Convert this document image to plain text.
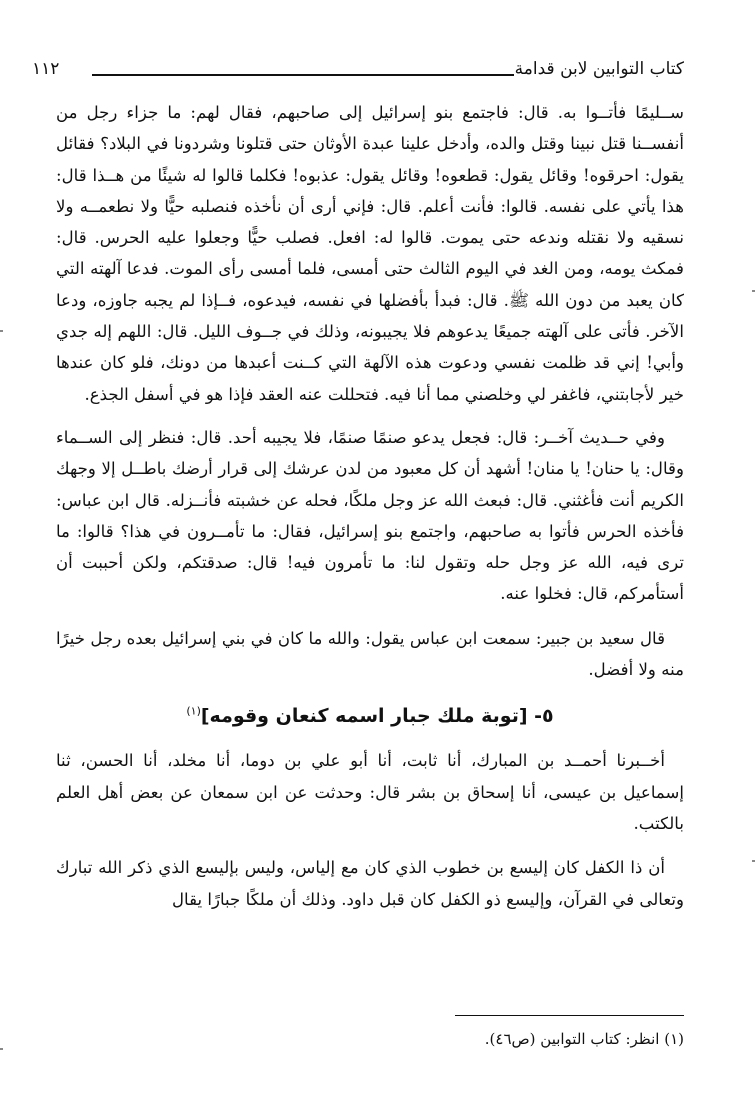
كتاب التوابين لابن قدامة
١١٢

ســليمًا فأتــوا به. قال: فاجتمع بنو إسرائيل إلى صاحبهم، فقال لهم: ما جزاء رجل من أنفســنا قتل نبينا وقتل والده، وأدخل علينا عبدة الأوثان حتى قتلونا وشردونا في البلاد؟ فقائل يقول: احرقوه! وقائل يقول: قطعوه! وقائل يقول: عذبوه! فكلما قالوا له شيئًا من هــذا قال: هذا يأتي على نفسه. قالوا: فأنت أعلم. قال: فإني أرى أن نأخذه فنصلبه حيًّا ولا نطعمــه ولا نسقيه ولا نقتله وندعه حتى يموت. قالوا له: افعل. فصلب حيًّا وجعلوا عليه الحرس. قال: فمكث يومه، ومن الغد في اليوم الثالث حتى أمسى، فلما أمسى رأى الموت. فدعا آلهته التي كان يعبد من دون الله ﷺ. قال: فبدأ بأفضلها في نفسه، فيدعوه، فــإذا لم يجبه جاوزه، ودعا الآخر. فأتى على آلهته جميعًا يدعوهم فلا يجيبونه، وذلك في جــوف الليل. قال: اللهم إله جدي وأبي! إني قد ظلمت نفسي ودعوت هذه الآلهة التي كــنت أعبدها من دونك، فلو كان عندها خير لأجابتني، فاغفر لي وخلصني مما أنا فيه. فتحللت عنه العقد فإذا هو في أسفل الجذع.

وفي حــديث آخــر: قال: فجعل يدعو صنمًا صنمًا، فلا يجيبه أحد. قال: فنظر إلى الســماء وقال: يا حنان! يا منان! أشهد أن كل معبود من لدن عرشك إلى قرار أرضك باطــل إلا وجهك الكريم أنت فأغثني. قال: فبعث الله عز وجل ملكًا، فحله عن خشبته فأنــزله. قال ابن عباس: فأخذه الحرس فأتوا به صاحبهم، واجتمع بنو إسرائيل، فقال: ما تأمــرون في هذا؟ قالوا: ما ترى فيه، الله عز وجل حله وتقول لنا: ما تأمرون فيه! قال: صدقتكم، ولكن أحببت أن أستأمركم، قال: فخلوا عنه.

قال سعيد بن جبير: سمعت ابن عباس يقول: والله ما كان في بني إسرائيل بعده رجل خيرًا منه ولا أفضل.

٥- [توبة ملك جبار اسمه كنعان وقومه]$^{(١)}$

أخــبرنا أحمــد بن المبارك، أنا ثابت، أنا أبو علي بن دوما، أنا مخلد، أنا الحسن، ثنا إسماعيل بن عيسى، أنا إسحاق بن بشر قال: وحدثت عن ابن سمعان عن بعض أهل العلم بالكتب.

أن ذا الكفل كان إليسع بن خطوب الذي كان مع إلياس، وليس بإليسع الذي ذكر الله تبارك وتعالى في القرآن، وإليسع ذو الكفل كان قبل داود. وذلك أن ملكًا جبارًا يقال

(١) انظر: كتاب التوابين (ص٤٦).
